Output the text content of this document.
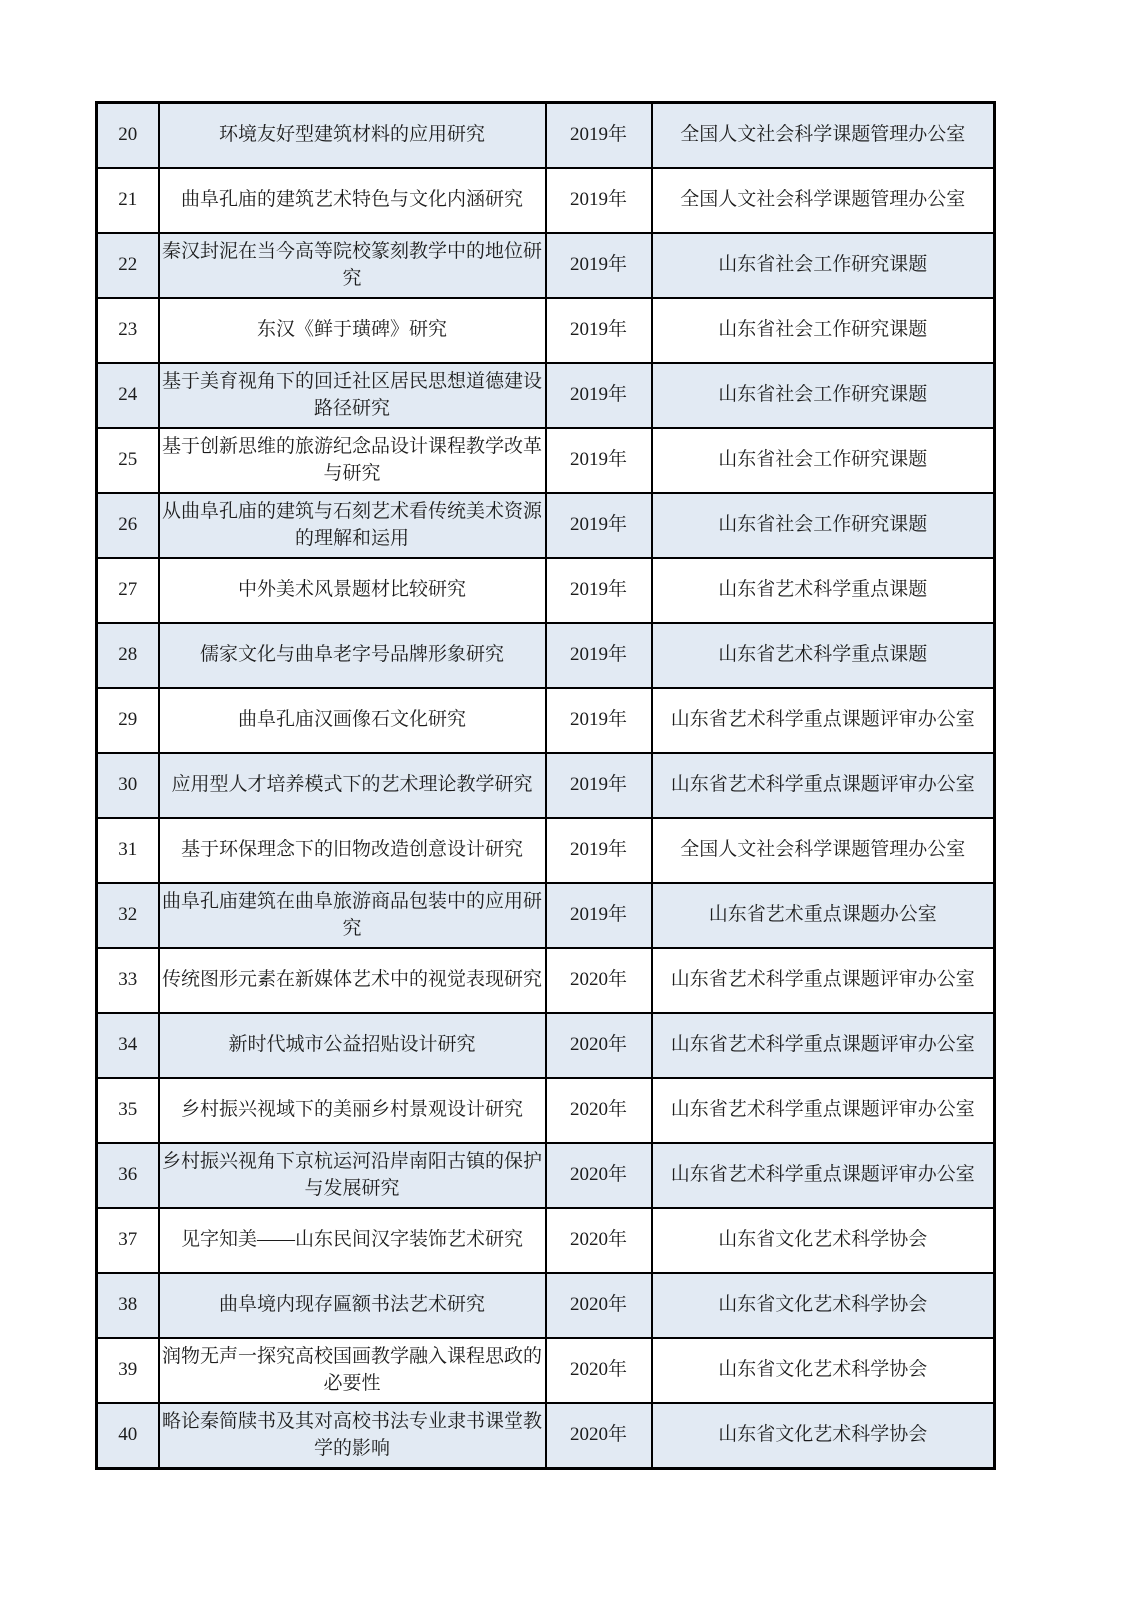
20	环境友好型建筑材料的应用研究	2019年	全国人文社会科学课题管理办公室
21	曲阜孔庙的建筑艺术特色与文化内涵研究	2019年	全国人文社会科学课题管理办公室
22	秦汉封泥在当今高等院校篆刻教学中的地位研究	2019年	山东省社会工作研究课题
23	东汉《鲜于璜碑》研究	2019年	山东省社会工作研究课题
24	基于美育视角下的回迁社区居民思想道德建设路径研究	2019年	山东省社会工作研究课题
25	基于创新思维的旅游纪念品设计课程教学改革与研究	2019年	山东省社会工作研究课题
26	从曲阜孔庙的建筑与石刻艺术看传统美术资源的理解和运用	2019年	山东省社会工作研究课题
27	中外美术风景题材比较研究	2019年	山东省艺术科学重点课题
28	儒家文化与曲阜老字号品牌形象研究	2019年	山东省艺术科学重点课题
29	曲阜孔庙汉画像石文化研究	2019年	山东省艺术科学重点课题评审办公室
30	应用型人才培养模式下的艺术理论教学研究	2019年	山东省艺术科学重点课题评审办公室
31	基于环保理念下的旧物改造创意设计研究	2019年	全国人文社会科学课题管理办公室
32	曲阜孔庙建筑在曲阜旅游商品包装中的应用研究	2019年	山东省艺术重点课题办公室
33	传统图形元素在新媒体艺术中的视觉表现研究	2020年	山东省艺术科学重点课题评审办公室
34	新时代城市公益招贴设计研究	2020年	山东省艺术科学重点课题评审办公室
35	乡村振兴视域下的美丽乡村景观设计研究	2020年	山东省艺术科学重点课题评审办公室
36	乡村振兴视角下京杭运河沿岸南阳古镇的保护与发展研究	2020年	山东省艺术科学重点课题评审办公室
37	见字知美——山东民间汉字装饰艺术研究	2020年	山东省文化艺术科学协会
38	曲阜境内现存匾额书法艺术研究	2020年	山东省文化艺术科学协会
39	润物无声一探究高校国画教学融入课程思政的必要性	2020年	山东省文化艺术科学协会
40	略论秦简牍书及其对高校书法专业隶书课堂教学的影响	2020年	山东省文化艺术科学协会
